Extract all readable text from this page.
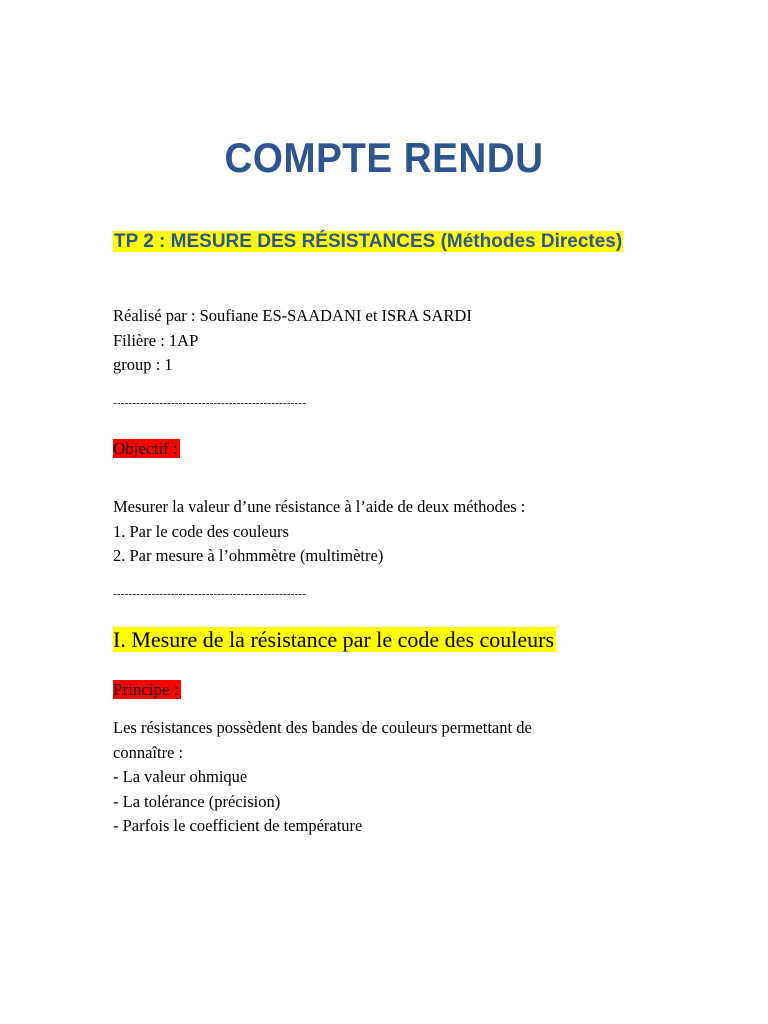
COMPTE RENDU
TP 2 : MESURE DES RÉSISTANCES (Méthodes Directes)
Réalisé par : Soufiane ES-SAADANI et ISRA SARDI
Filière : 1AP
group : 1
--------------------------------------------------
Objectif :
Mesurer la valeur d’une résistance à l’aide de deux méthodes :
1. Par le code des couleurs
2. Par mesure à l’ohmmètre (multimètre)
--------------------------------------------------
I. Mesure de la résistance par le code des couleurs
Principe :
Les résistances possèdent des bandes de couleurs permettant de
connaître :
- La valeur ohmique
- La tolérance (précision)
- Parfois le coefficient de température
